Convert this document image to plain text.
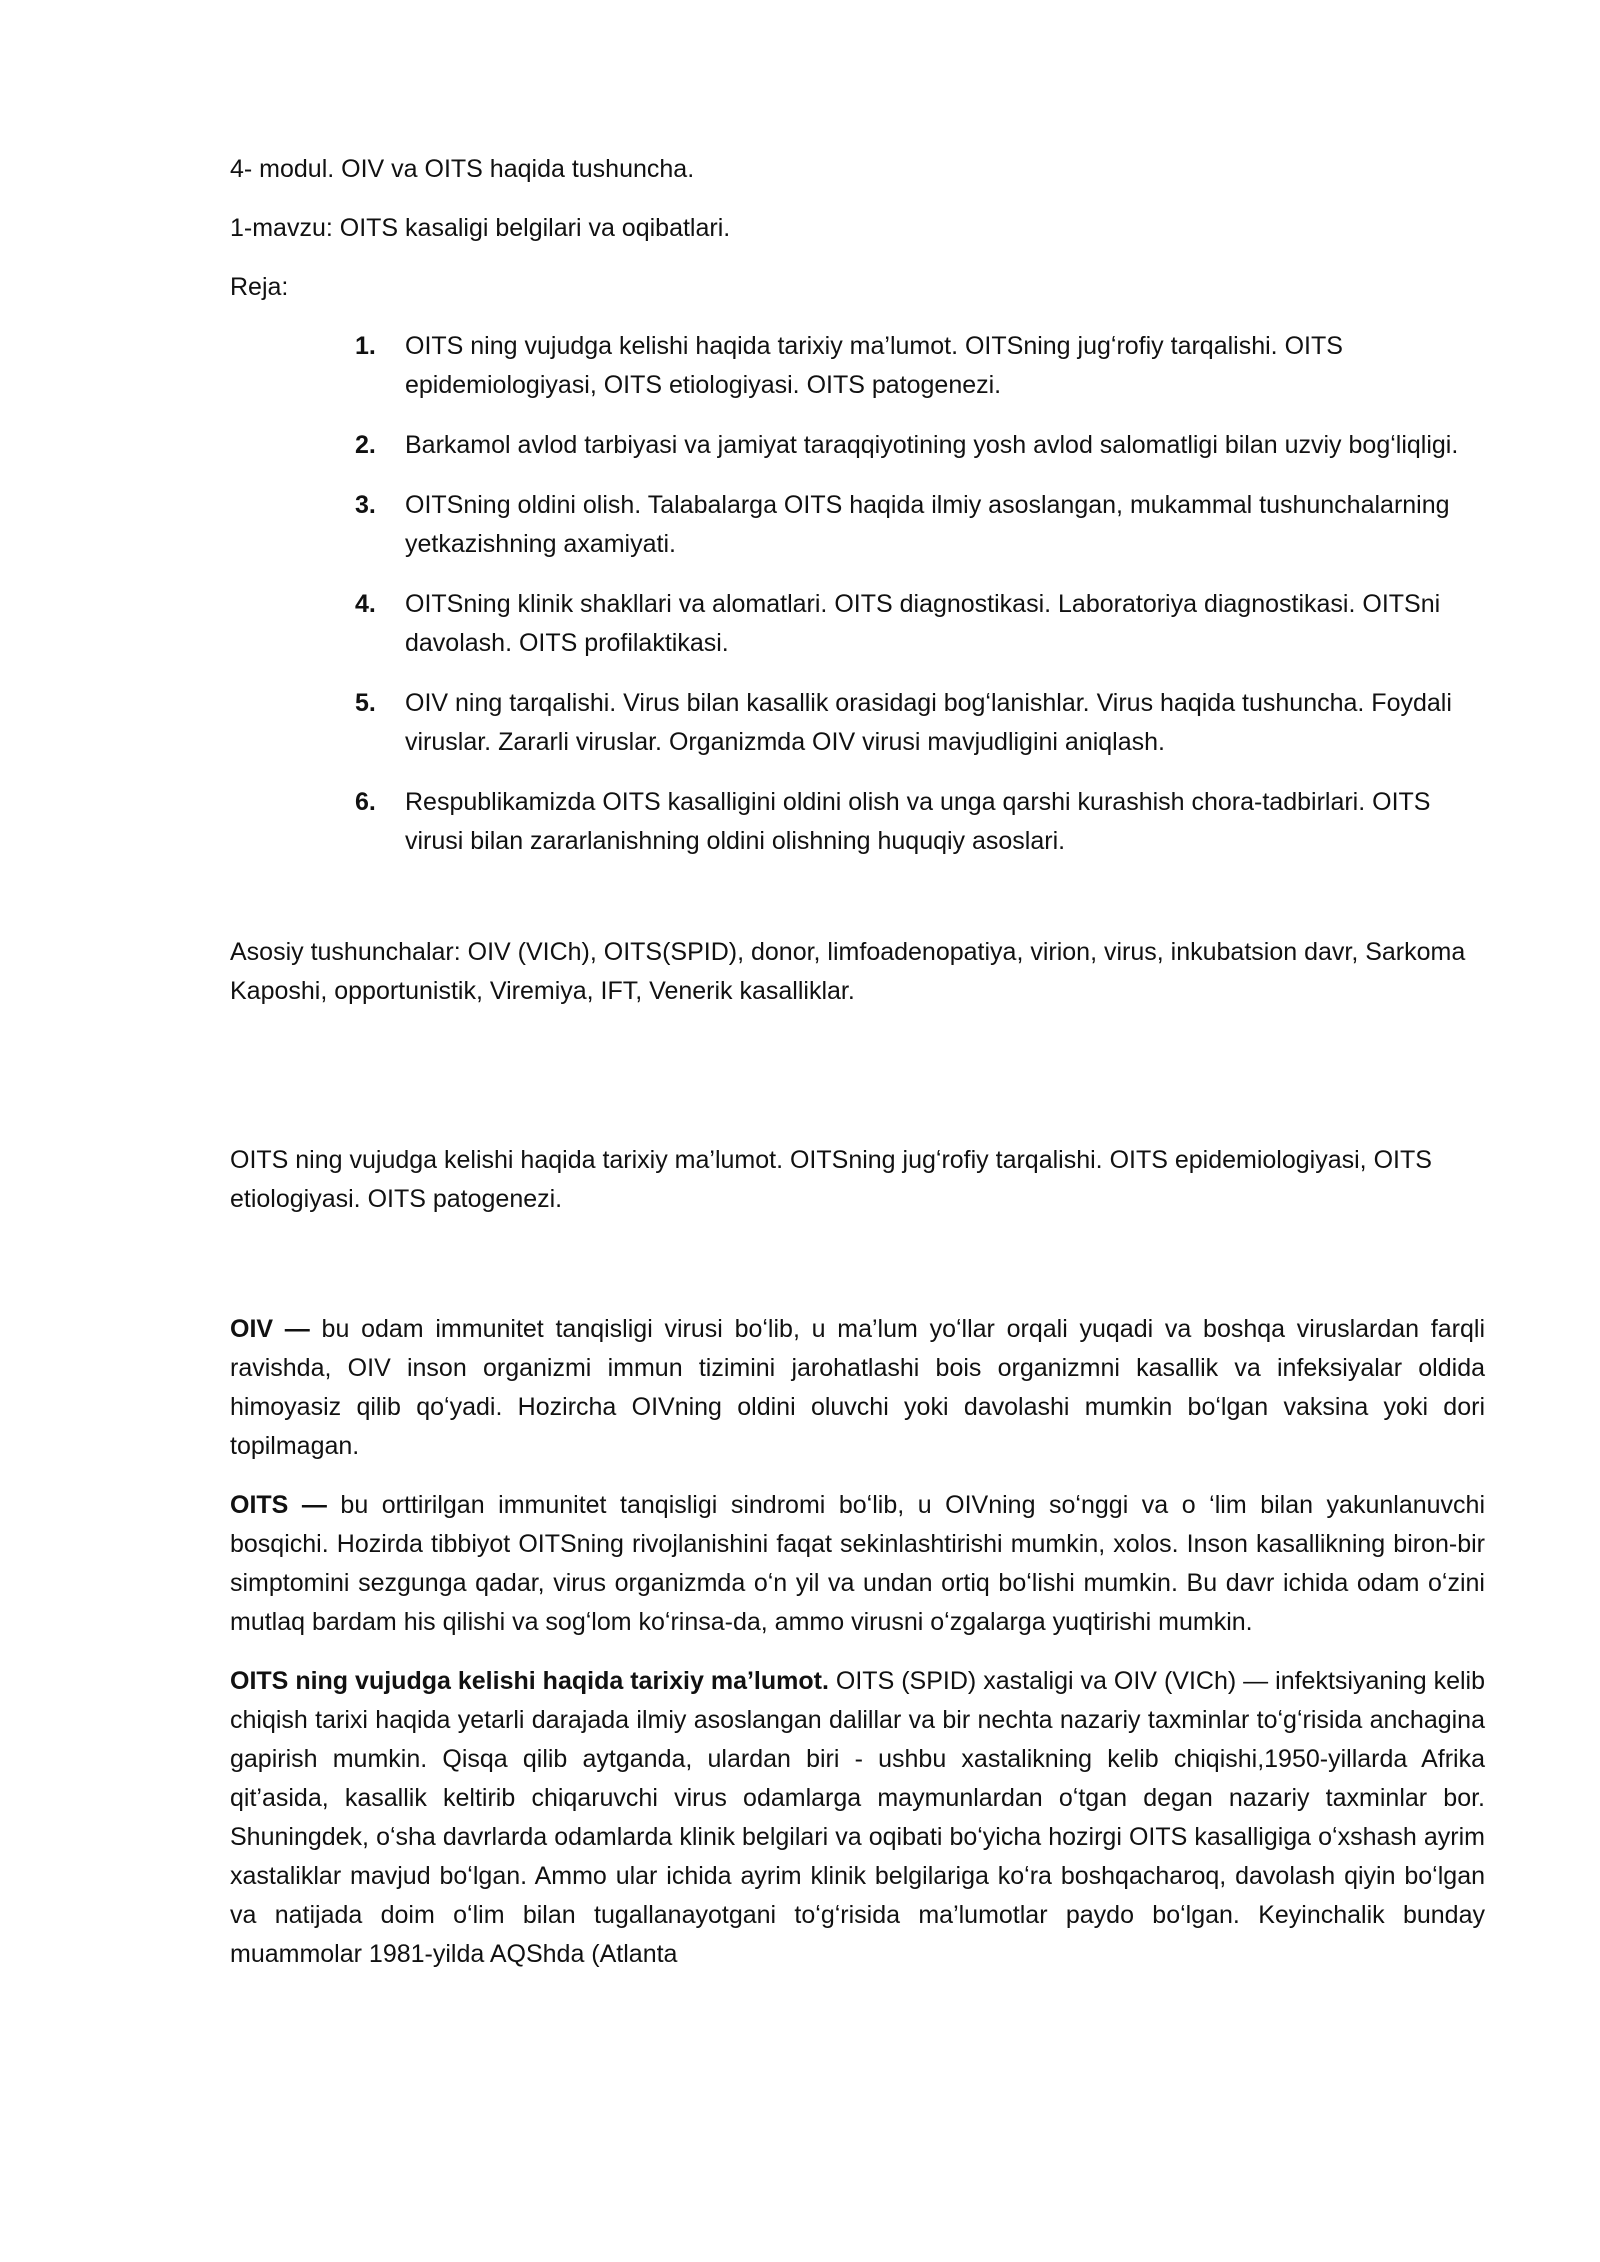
4- modul. OIV va OITS haqida tushuncha.

1-mavzu: OITS kasaligi belgilari va oqibatlari.

Reja:

1. OITS ning vujudga kelishi haqida tarixiy ma’lumot. OITSning jugʻrofiy tarqalishi. OITS epidemiologiyasi, OITS etiologiyasi. OITS patogenezi.
2. Barkamol avlod tarbiyasi va jamiyat taraqqiyotining yosh avlod salomatligi bilan uzviy bogʻliqligi.
3. OITSning oldini olish. Talabalarga OITS haqida ilmiy asoslangan, mukammal tushunchalarning yetkazishning axamiyati.
4. OITSning klinik shakllari va alomatlari. OITS diagnostikasi. Laboratoriya diagnostikasi. OITSni davolash. OITS profilaktikasi.
5. OIV ning tarqalishi. Virus bilan kasallik orasidagi bogʻlanishlar. Virus haqida tushuncha. Foydali viruslar. Zararli viruslar. Organizmda OIV virusi mavjudligini aniqlash.
6. Respublikamizda OITS kasalligini oldini olish va unga qarshi kurashish chora-tadbirlari. OITS virusi bilan zararlanishning oldini olishning huquqiy asoslari.

Asosiy tushunchalar: OIV (VIСh), OITS(SPID), donor, limfoadenopatiya, virion, virus, inkubatsion davr, Sarkoma Kaposhi, opportunistik, Viremiya, IFT, Venerik kasalliklar.

OITS ning vujudga kelishi haqida tarixiy ma’lumot. OITSning jugʻrofiy tarqalishi. OITS epidemiologiyasi, OITS etiologiyasi. OITS patogenezi.

OIV — bu odam immunitet tanqisligi virusi boʻlib, u ma’lum yoʻllar orqali yuqadi va boshqa viruslardan farqli ravishda, OIV inson organizmi immun tizimini jarohatlashi bois organizmni kasallik va infeksiyalar oldida himoyasiz qilib qoʻyadi. Hozircha OIVning oldini oluvchi yoki davolashi mumkin boʻlgan vaksina yoki dori topilmagan.

OITS — bu orttirilgan immunitet tanqisligi sindromi boʻlib, u OIVning soʻnggi va o ‘lim bilan yakunlanuvchi bosqichi. Hozirda tibbiyot OITSning rivojlanishini faqat sekinlashtirishi mumkin, xolos. Inson kasallikning biron-bir simptomini sezgunga qadar, virus organizmda oʻn yil va undan ortiq boʻlishi mumkin. Bu davr ichida odam oʻzini mutlaq bardam his qilishi va sogʻlom koʻrinsa-da, ammo virusni oʻzgalarga yuqtirishi mumkin.

OITS ning vujudga kelishi haqida tarixiy ma’lumot. OITS (SPID) xastaligi va OIV (VICh) — infektsiyaning kelib chiqish tarixi haqida yetarli darajada ilmiy asoslangan dalillar va bir nechta nazariy taxminlar toʻgʻrisida anchagina gapirish mumkin. Qisqa qilib aytganda, ulardan biri - ushbu xastalikning kelib chiqishi,1950-yillarda Afrika qit’asida, kasallik keltirib chiqaruvchi virus odamlarga maymunlardan oʻtgan degan nazariy taxminlar bor. Shuningdek, oʻsha davrlarda odamlarda klinik belgilari va oqibati boʻyicha hozirgi OITS kasalligiga oʻxshash ayrim xastaliklar mavjud boʻlgan. Ammo ular ichida ayrim klinik belgilariga koʻra boshqacharoq, davolash qiyin boʻlgan va natijada doim oʻlim bilan tugallanayotgani toʻgʻrisida ma’lumotlar paydo boʻlgan. Keyinchalik bunday muammolar 1981-yilda AQShda (Atlanta
